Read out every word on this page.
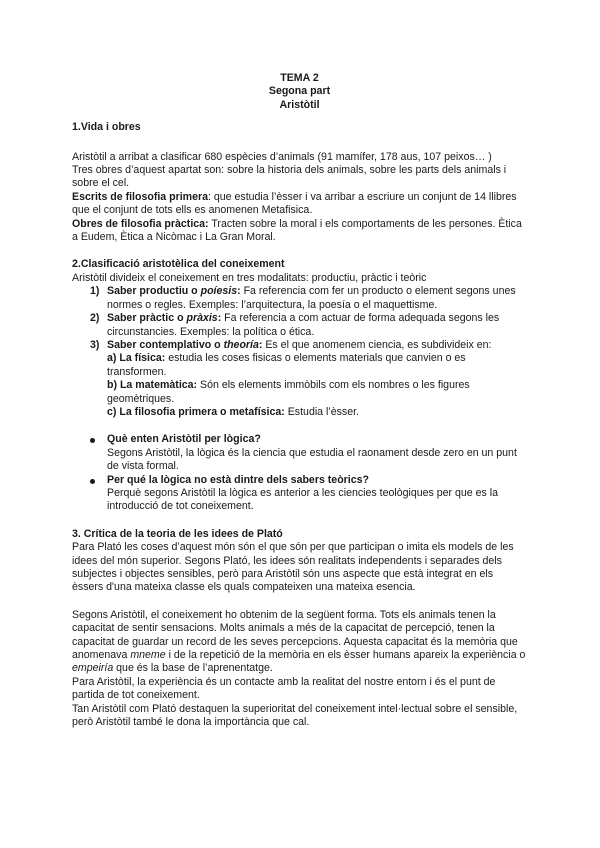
TEMA 2
Segona part
Aristòtil

1.Vida i obres

Aristòtil a arribat a clasificar 680 espècies d’animals (91 mamífer, 178 aus, 107 peixos… )

Tres obres d’aquest apartat son: sobre la historia dels animals, sobre les parts dels animals i sobre el cel.

Escrits de filosofia primera: que estudia l’èsser i va arribar a escriure un conjunt de 14 llibres que el conjunt de tots ells es anomenen Metafisica.

Obres de filosofia pràctica: Tracten sobre la moral i els comportaments de les persones. Ètica a Eudem, Ètica a Nicòmac i La Gran Moral.

2.Clasificació aristotèlica del coneixement

Aristòtil divideix el coneixement en tres modalitats: productiu, pràctic i teòric

1) Saber productiu o poíesis: Fa referencia com fer un producto o element segons unes normes o regles. Exemples: l’arquitectura, la poesía o el maquettisme.
2) Saber pràctic o pràxis: Fa referencia a com actuar de forma adequada segons les circunstancies. Exemples: la política o ética.
3) Saber contemplativo o theoría: Es el que anomenem ciencia, es subdivideix en:
a) La física: estudia les coses fisicas o elements materials que canvien o es transformen.
b) La matemàtica: Són els elements immòbils com els nombres o les figures geomètriques.
c) La filosofia primera o metafísica: Estudia l’èsser.
Què enten Aristòtil per lògica?
Segons Aristòtil, la lògica és la ciencia que estudia el raonament desde zero en un punt de vista formal.
Per qué la lògica no està dintre dels sabers teòrics?
Perquè segons Aristòtil la lògica es anterior a les ciencies teològiques per que es la introducció de tot coneixement.

3. Crítica de la teoria de les idees de Plató

Para Plató les coses d’aquest món són el que són per que participan o imita els models de les idees del món superior. Segons Plató, les idees són realitats independents i separades dels subjectes i objectes sensibles, però para Aristòtil són uns aspecte que està integrat en els èssers d'una mateixa classe els quals compateixen una mateixa esencia.

Segons Aristòtil, el coneixement ho obtenim de la següent forma. Tots els animals tenen la capacitat de sentir sensacions. Molts animals a més de la capacitat de percepció, tenen la capacitat de guardar un record de les seves percepcions. Aquesta capacitat és la memòria que anomenava mneme i de la repetició de la memòria en els èsser humans apareix la experiència o empeiría que és la base de l’aprenentatge.

Para Aristòtil, la experiència és un contacte amb la realitat del nostre entorn i és el punt de partida de tot coneixement.

Tan Aristòtil com Plató destaquen la superioritat del coneixement intel·lectual sobre el sensible, però Aristòtil també le dona la importància que cal.
